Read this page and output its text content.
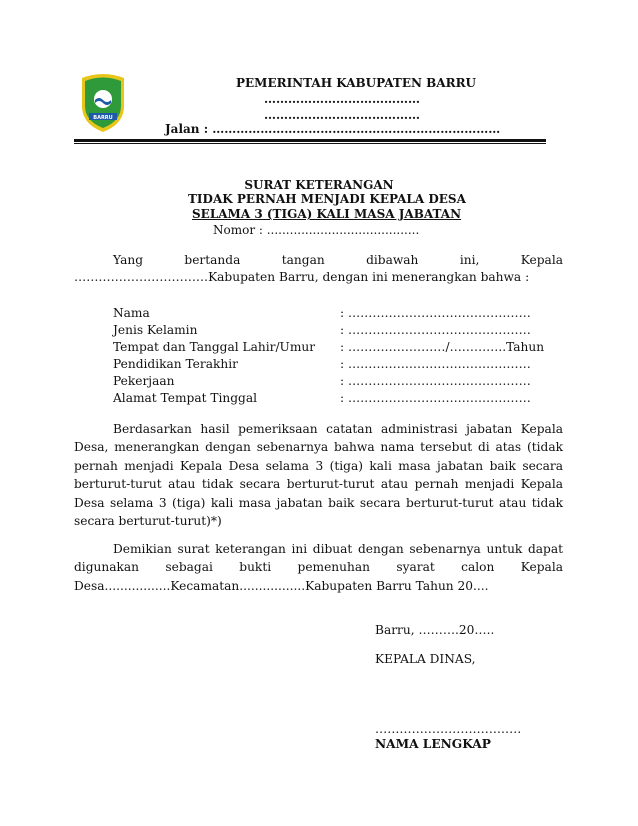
BARRU
PEMERINTAH KABUPATEN BARRU
…………………………………
…………………………………
Jalan : ………………………………………………………………
SURAT KETERANGAN
TIDAK PERNAH MENJADI KEPALA DESA
SELAMA 3 (TIGA) KALI MASA JABATAN
Nomor : ........................................
Yang	bertanda	tangan	dibawah	ini,	Kepala
……………………………Kabupaten Barru, dengan ini menerangkan bahwa :
Nama	: ………………………………………
Jenis Kelamin	: ………………………………………
Tempat dan Tanggal Lahir/Umur : ……………………/…………..Tahun
Pendidikan Terakhir	: ………………………………………
Pekerjaan	: ………………………………………
Alamat Tempat Tinggal	: ………………………………………

Berdasarkan hasil pemeriksaan catatan administrasi jabatan Kepala Desa, menerangkan dengan sebenarnya bahwa nama tersebut di atas (tidak pernah menjadi Kepala Desa selama 3 (tiga) kali masa jabatan baik secara berturut-turut atau tidak secara berturut-turut atau pernah menjadi Kepala Desa selama 3 (tiga) kali masa jabatan baik secara berturut-turut atau tidak secara berturut-turut)*)

Demikian surat keterangan ini dibuat dengan sebenarnya untuk dapat digunakan sebagai bukti pemenuhan syarat calon Kepala Desa.................Kecamatan.................Kabupaten Barru Tahun 20....

Barru, ……….20…..
KEPALA DINAS,
………………………………
NAMA LENGKAP
